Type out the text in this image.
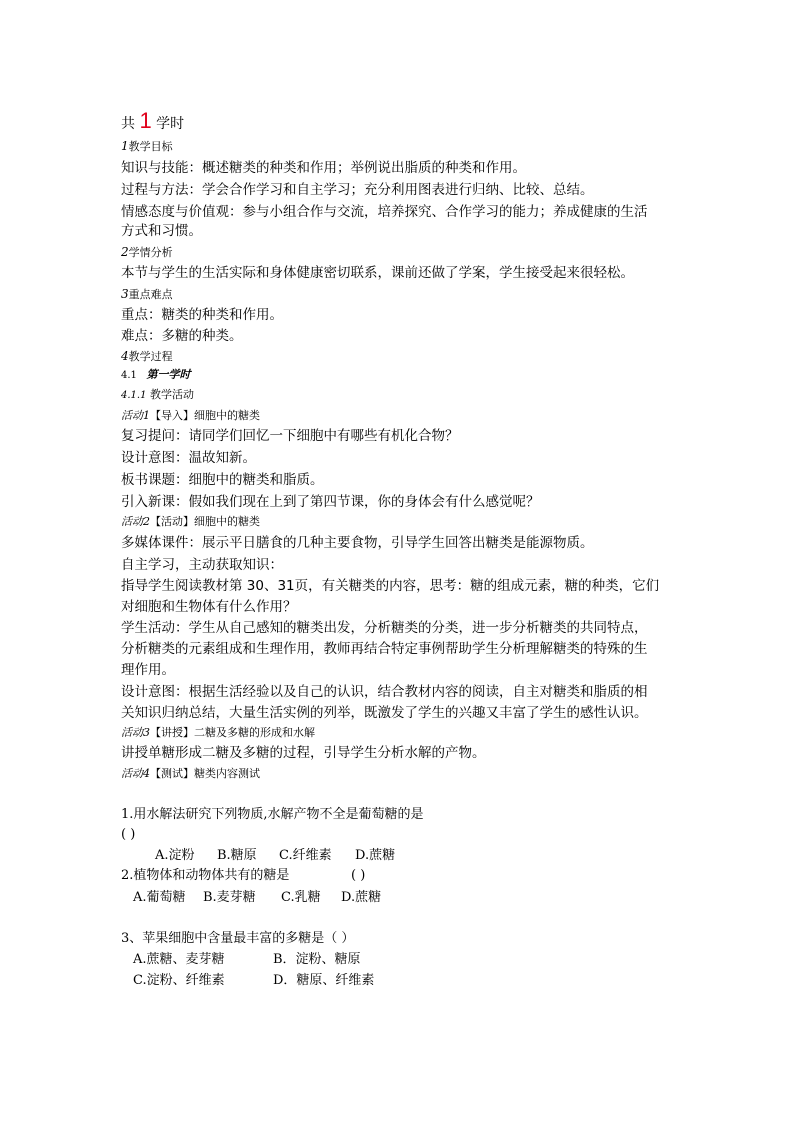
共 1 学时
1教学目标
知识与技能：概述糖类的种类和作用；举例说出脂质的种类和作用。
过程与方法：学会合作学习和自主学习；充分利用图表进行归纳、比较、总结。
情感态度与价值观：参与小组合作与交流，培养探究、合作学习的能力；养成健康的生活
方式和习惯。
2学情分析
本节与学生的生活实际和身体健康密切联系，课前还做了学案，学生接受起来很轻松。
3重点难点
重点：糖类的种类和作用。
难点：多糖的种类。
4教学过程
4.1 第一学时
4.1.1 教学活动
活动1【导入】细胞中的糖类
复习提问：请同学们回忆一下细胞中有哪些有机化合物？
设计意图：温故知新。
板书课题：细胞中的糖类和脂质。
引入新课：假如我们现在上到了第四节课，你的身体会有什么感觉呢？
活动2【活动】细胞中的糖类
多媒体课件：展示平日膳食的几种主要食物，引导学生回答出糖类是能源物质。
自主学习，主动获取知识：
指导学生阅读教材第 30、31页，有关糖类的内容，思考：糖的组成元素，糖的种类，它们
对细胞和生物体有什么作用？
学生活动：学生从自己感知的糖类出发，分析糖类的分类，进一步分析糖类的共同特点，
分析糖类的元素组成和生理作用，教师再结合特定事例帮助学生分析理解糖类的特殊的生
理作用。
设计意图：根据生活经验以及自己的认识，结合教材内容的阅读，自主对糖类和脂质的相
关知识归纳总结，大量生活实例的列举，既激发了学生的兴趣又丰富了学生的感性认识。
活动3【讲授】二糖及多糖的形成和水解
讲授单糖形成二糖及多糖的过程，引导学生分析水解的产物。
活动4【测试】糖类内容测试
1.用水解法研究下列物质,水解产物不全是葡萄糖的是
( )
A.淀粉 B.糖原 C.纤维素 D.蔗糖
2.植物体和动物体共有的糖是	( )
A.葡萄糖 B.麦芽糖 C.乳糖 D.蔗糖
3、苹果细胞中含量最丰富的多糖是（ ）
A.蔗糖、麦芽糖	B．淀粉、糖原
C.淀粉、纤维素	D．糖原、纤维素
